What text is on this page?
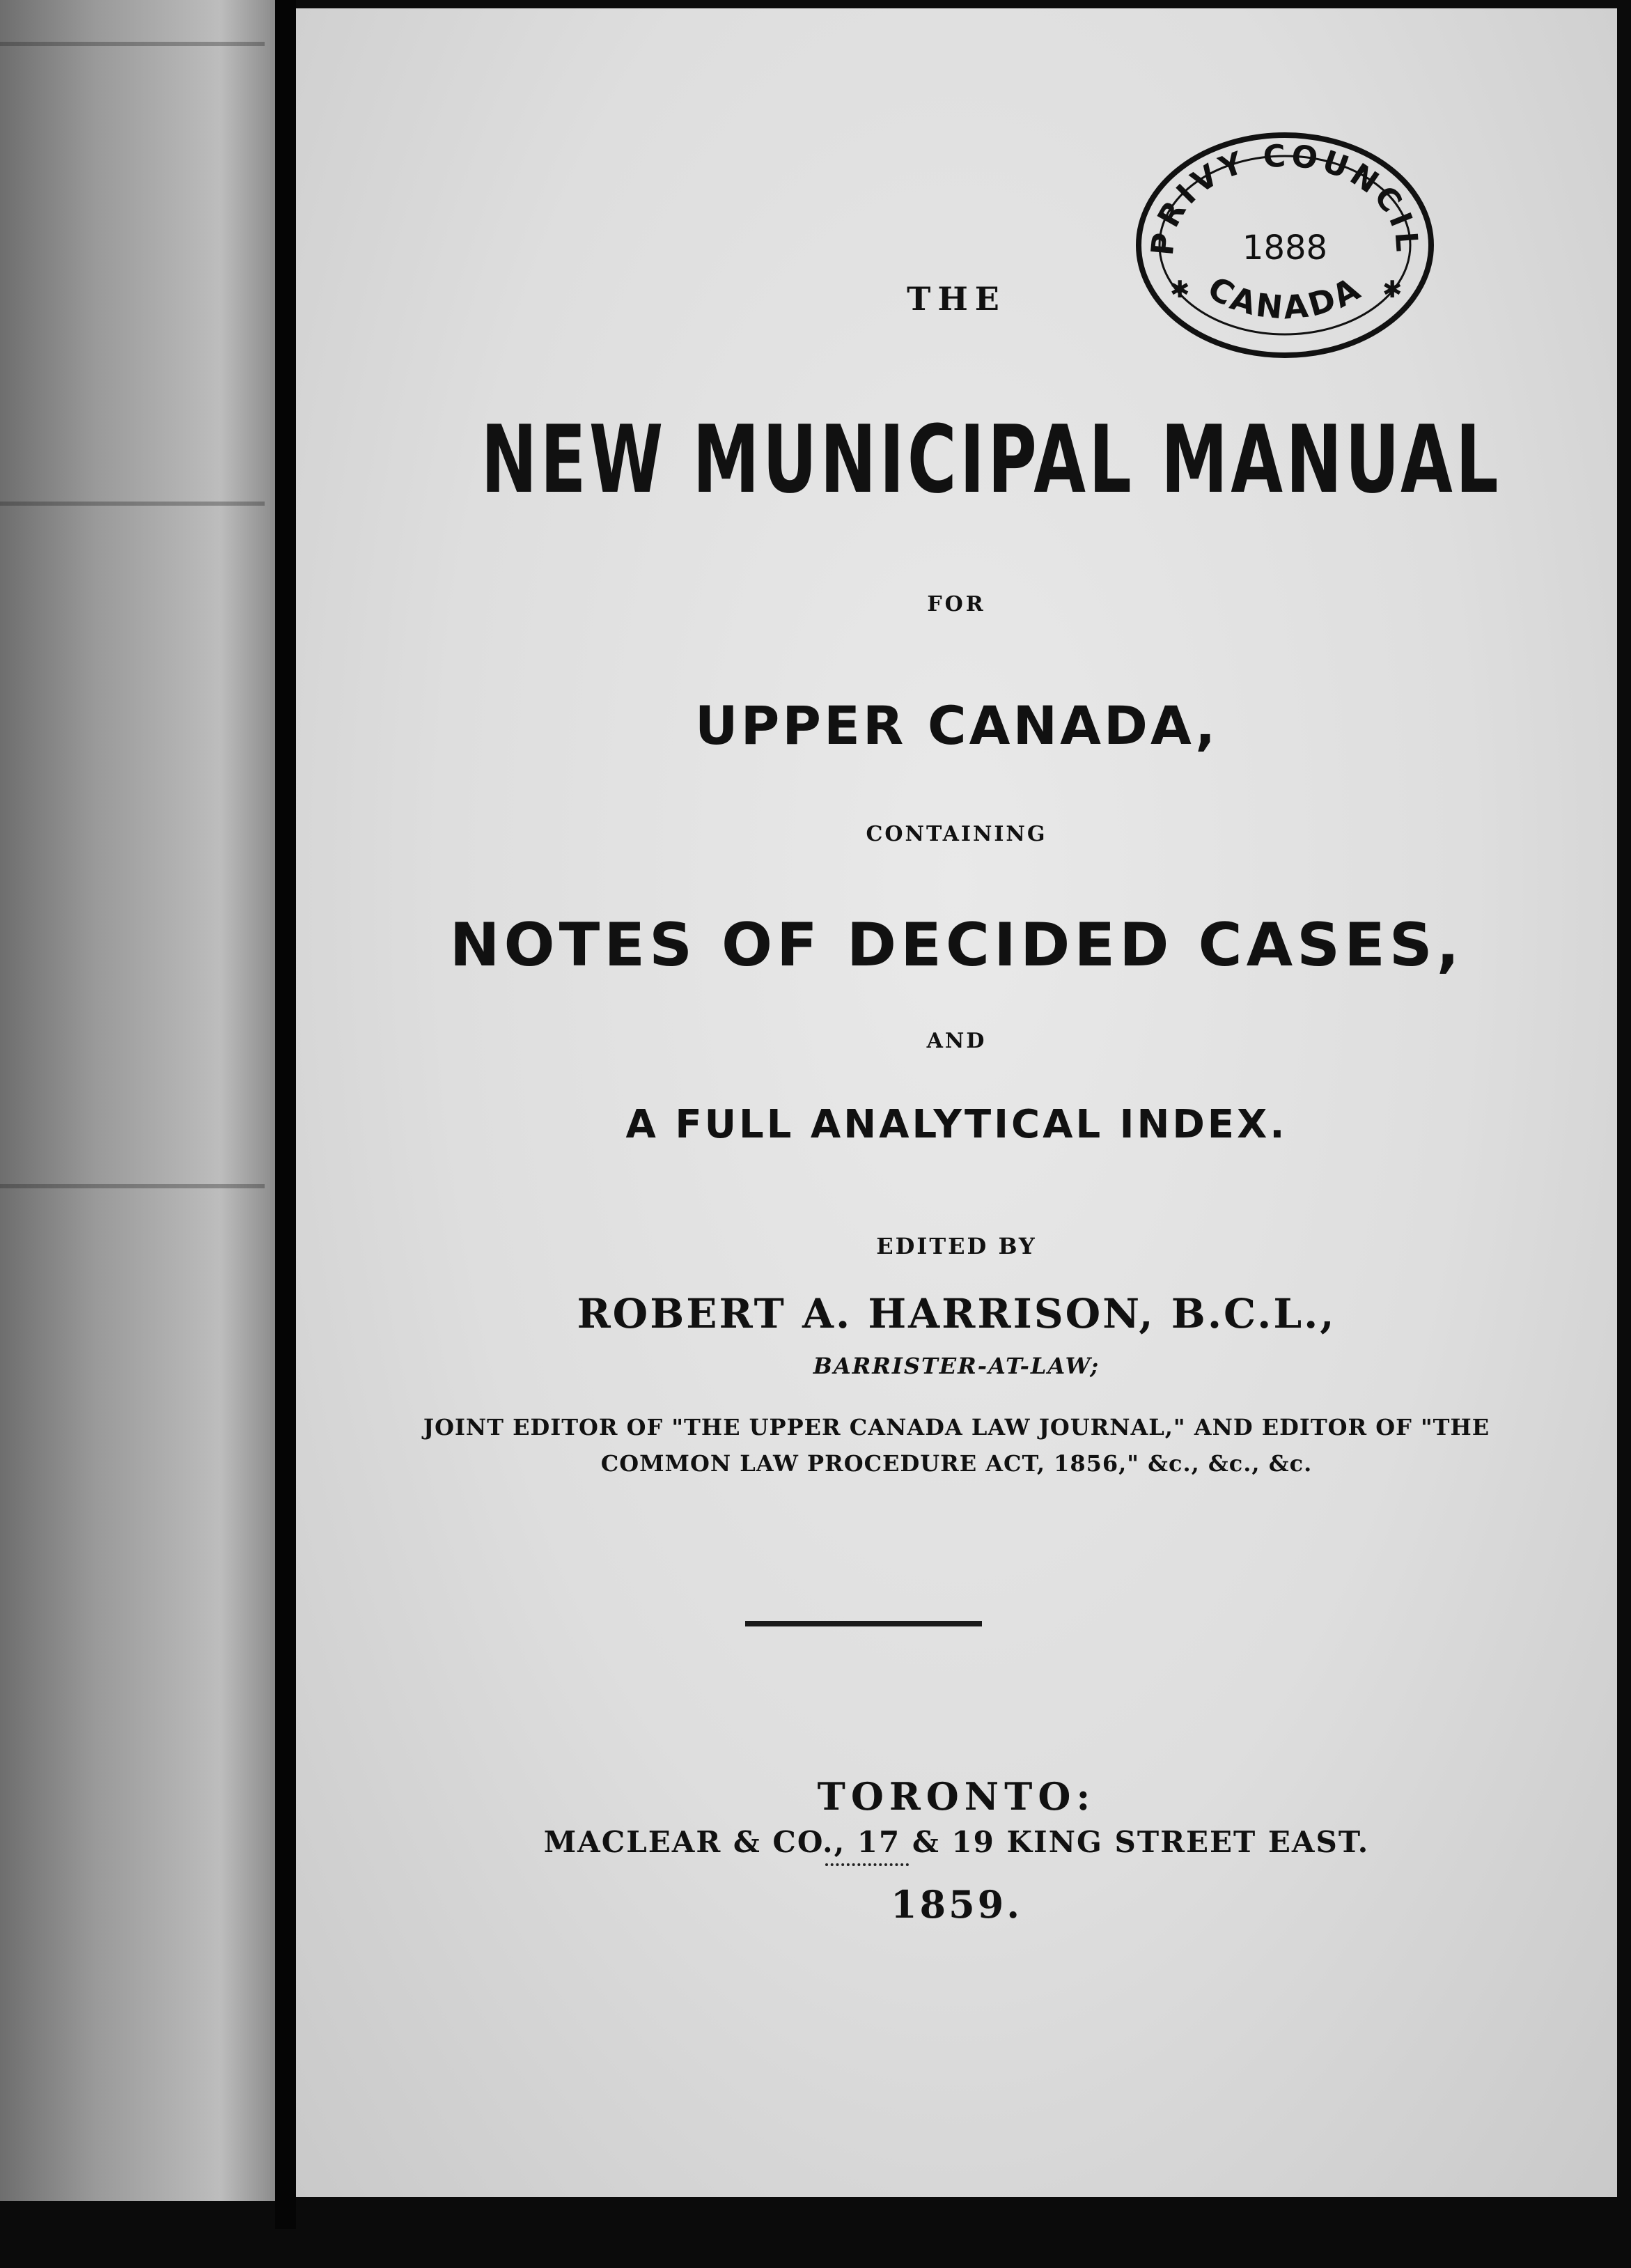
PRIVY COUNCIL
1888
CANADA
✱	✱

THE
NEW MUNICIPAL MANUAL
FOR
UPPER CANADA,
CONTAINING
NOTES OF DECIDED CASES,
AND
A FULL ANALYTICAL INDEX.
EDITED BY
ROBERT A. HARRISON, B.C.L.,
BARRISTER-AT-LAW;
JOINT EDITOR OF "THE UPPER CANADA LAW JOURNAL," AND EDITOR OF "THE
COMMON LAW PROCEDURE ACT, 1856," &c., &c., &c.
TORONTO:
MACLEAR & CO., 17 & 19 KING STREET EAST.
1859.
